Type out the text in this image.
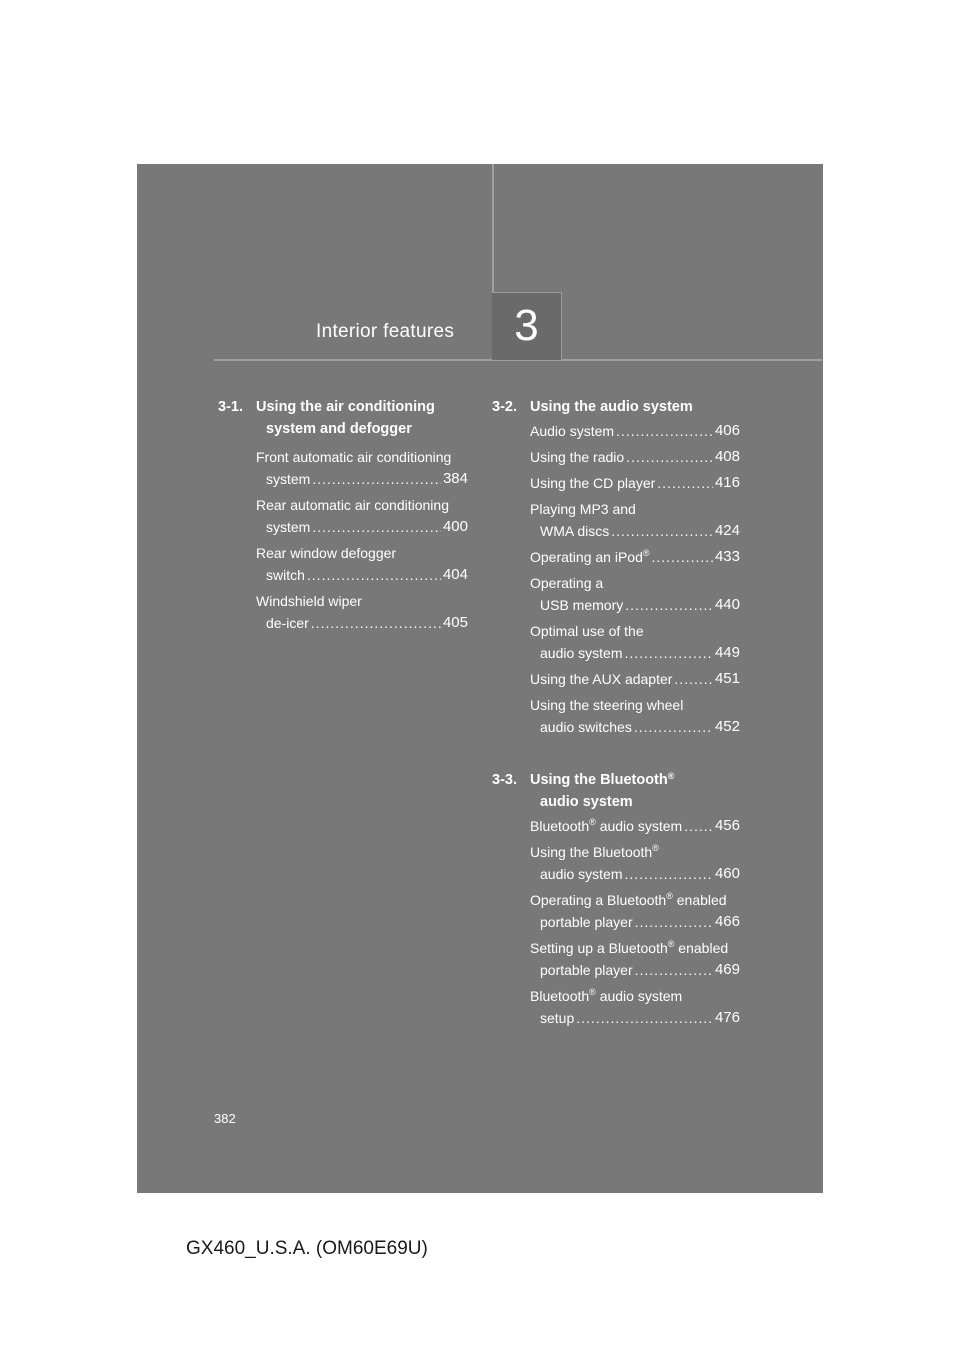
Interior features	3
3-1. Using the air conditioning
system and defogger
Front automatic air conditioning
system .....	384
Rear automatic air conditioning
system .....	400
Rear window defogger
switch .....	404
Windshield wiper
de-icer .....	405
3-2. Using the audio system
Audio system .....	406
Using the radio .....	408
Using the CD player .....	416
Playing MP3 and
WMA discs .....	424
Operating an iPod® .....	433
Operating a
USB memory .....	440
Optimal use of the
audio system .....	449
Using the AUX adapter .....	451
Using the steering wheel
audio switches .....	452
3-3. Using the Bluetooth®
audio system
Bluetooth® audio system ..... 456
Using the Bluetooth®
audio system .....	460
Operating a Bluetooth® enabled
portable player .....	466
Setting up a Bluetooth® enabled
portable player .....	469
Bluetooth® audio system
setup .....	476
382
GX460_U.S.A. (OM60E69U)
